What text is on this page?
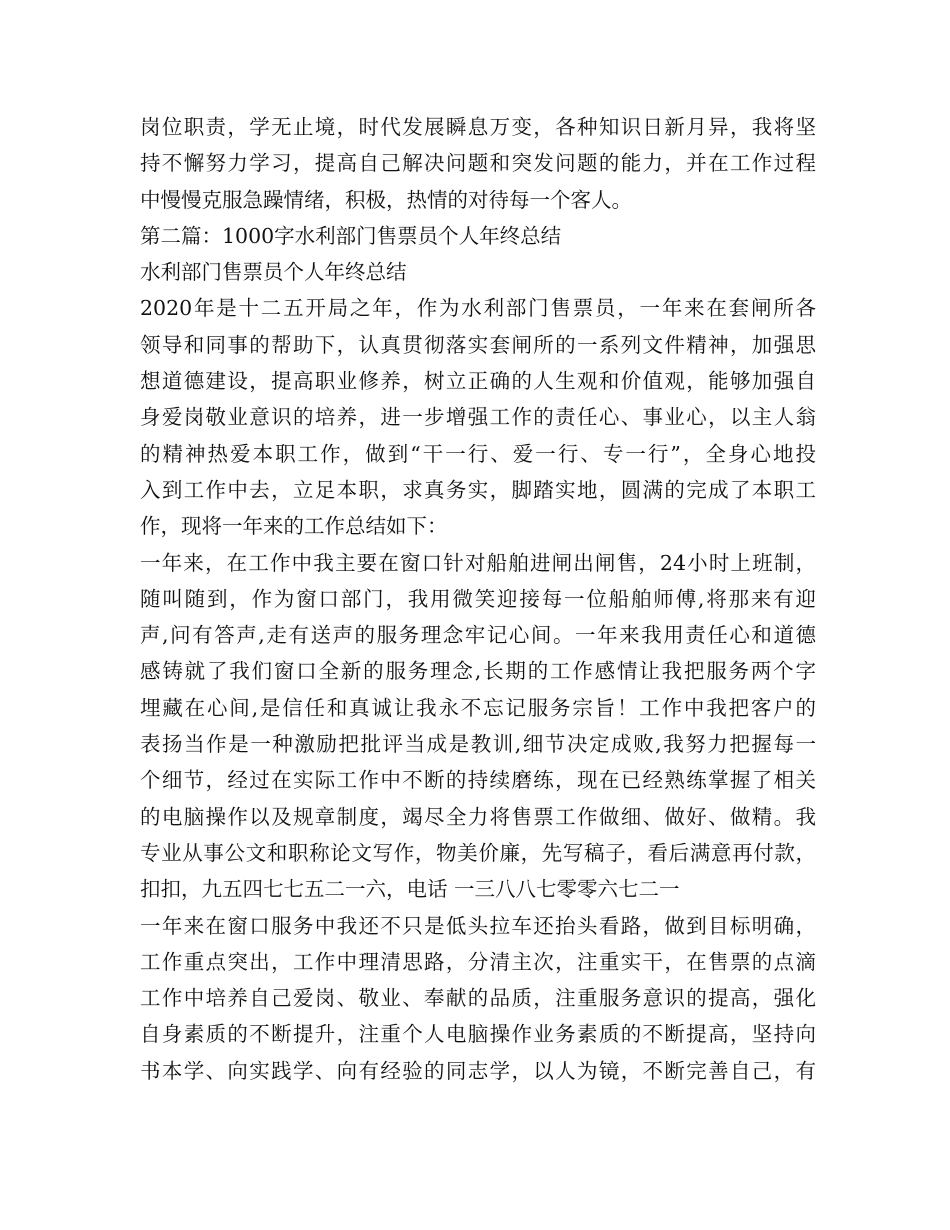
岗位职责，学无止境，时代发展瞬息万变，各种知识日新月异，我将坚
持不懈努力学习，提高自己解决问题和突发问题的能力，并在工作过程
中慢慢克服急躁情绪，积极，热情的对待每一个客人。
第二篇：1000字水利部门售票员个人年终总结
水利部门售票员个人年终总结
2020年是十二五开局之年，作为水利部门售票员，一年来在套闸所各
领导和同事的帮助下，认真贯彻落实套闸所的一系列文件精神，加强思
想道德建设，提高职业修养，树立正确的人生观和价值观，能够加强自
身爱岗敬业意识的培养，进一步增强工作的责任心、事业心，以主人翁
的精神热爱本职工作，做到“干一行、爱一行、专一行”，全身心地投
入到工作中去，立足本职，求真务实，脚踏实地，圆满的完成了本职工
作，现将一年来的工作总结如下：
一年来，在工作中我主要在窗口针对船舶进闸出闸售，24小时上班制，
随叫随到，作为窗口部门，我用微笑迎接每一位船舶师傅,将那来有迎
声,问有答声,走有送声的服务理念牢记心间。一年来我用责任心和道德
感铸就了我们窗口全新的服务理念,长期的工作感情让我把服务两个字
埋藏在心间,是信任和真诚让我永不忘记服务宗旨！工作中我把客户的
表扬当作是一种激励把批评当成是教训,细节决定成败,我努力把握每一
个细节，经过在实际工作中不断的持续磨练，现在已经熟练掌握了相关
的电脑操作以及规章制度，竭尽全力将售票工作做细、做好、做精。我
专业从事公文和职称论文写作，物美价廉，先写稿子，看后满意再付款，
扣扣，九五四七七五二一六，电话 一三八八七零零六七二一
一年来在窗口服务中我还不只是低头拉车还抬头看路，做到目标明确，
工作重点突出，工作中理清思路，分清主次，注重实干，在售票的点滴
工作中培养自己爱岗、敬业、奉献的品质，注重服务意识的提高，强化
自身素质的不断提升，注重个人电脑操作业务素质的不断提高，坚持向
书本学、向实践学、向有经验的同志学，以人为镜，不断完善自己，有
